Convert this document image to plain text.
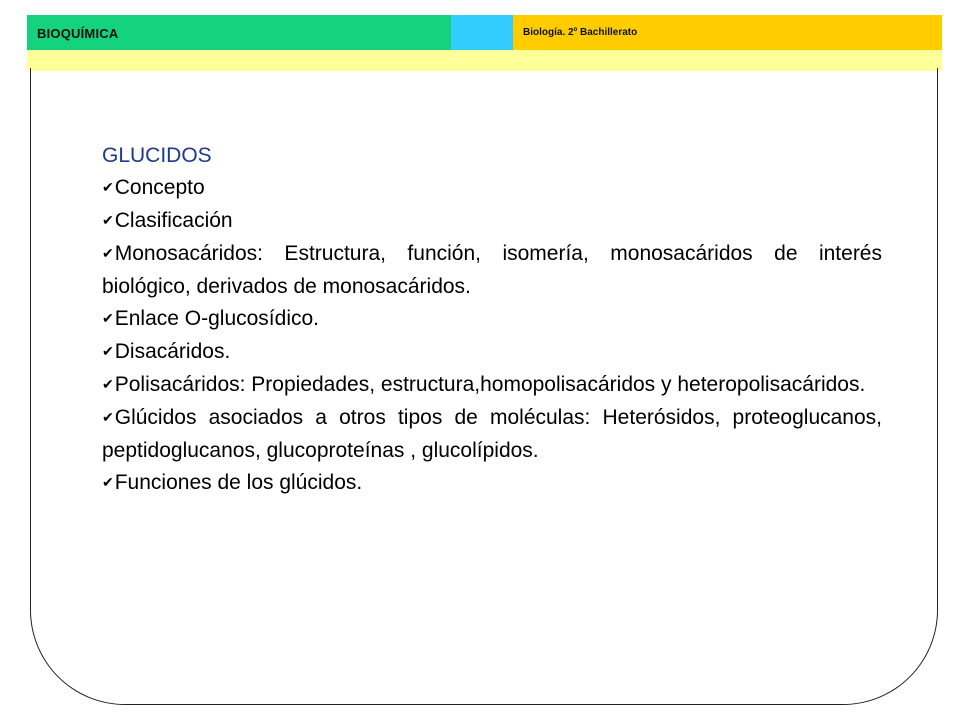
BIOQUÍMICA	Biología. 2º Bachillerato

GLUCIDOS

✔Concepto
✔Clasificación
✔Monosacáridos: Estructura, función, isomería, monosacáridos de interés biológico, derivados de monosacáridos.
✔Enlace O-glucosídico.
✔Disacáridos.
✔Polisacáridos: Propiedades, estructura,homopolisacáridos y heteropolisacáridos.
✔Glúcidos asociados a otros tipos de moléculas: Heterósidos, proteoglucanos, peptidoglucanos, glucoproteínas , glucolípidos.
✔Funciones de los glúcidos.
